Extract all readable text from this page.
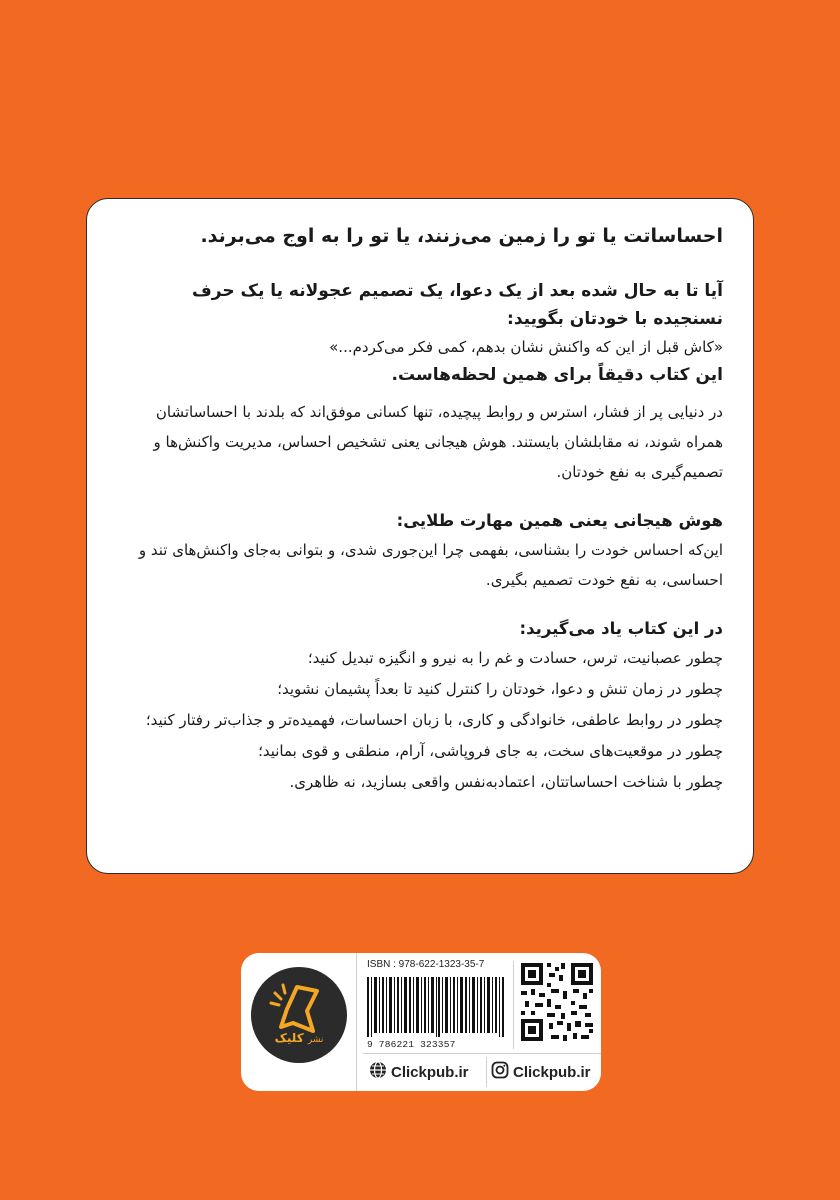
احساساتت یا تو را زمین می‌زنند، یا تو را به اوج می‌برند.

آیا تا به حال شده بعد از یک دعوا، یک تصمیم عجولانه یا یک حرف نسنجیده با خودتان بگویید:

«کاش قبل از این که واکنش نشان بدهم، کمی فکر می‌کردم...»

این کتاب دقیقاً برای همین لحظه‌هاست.

در دنیایی پر از فشار، استرس و روابط پیچیده، تنها کسانی موفق‌اند که بلدند با احساساتشان همراه شوند، نه مقابلشان بایستند. هوش هیجانی یعنی تشخیص احساس، مدیریت واکنش‌ها و تصمیم‌گیری به نفع خودتان.

هوش هیجانی یعنی همین مهارت طلایی:

این‌که احساس خودت را بشناسی، بفهمی چرا این‌جوری شدی، و بتوانی به‌جای واکنش‌های تند و احساسی، به نفع خودت تصمیم بگیری.

در این کتاب یاد می‌گیرید:

چطور عصبانیت، ترس، حسادت و غم را به نیرو و انگیزه تبدیل کنید؛
چطور در زمان تنش و دعوا، خودتان را کنترل کنید تا بعداً پشیمان نشوید؛
چطور در روابط عاطفی، خانوادگی و کاری، با زبان احساسات، فهمیده‌تر و جذاب‌تر رفتار کنید؛
چطور در موقعیت‌های سخت، به جای فروپاشی، آرام، منطقی و قوی بمانید؛
چطور با شناخت احساساتتان، اعتمادبه‌نفس واقعی بسازید، نه ظاهری.
نشر کلیک

ISBN : 978-622-1323-35-7

9 786221 323357
Clickpub.ir	Clickpub.ir
